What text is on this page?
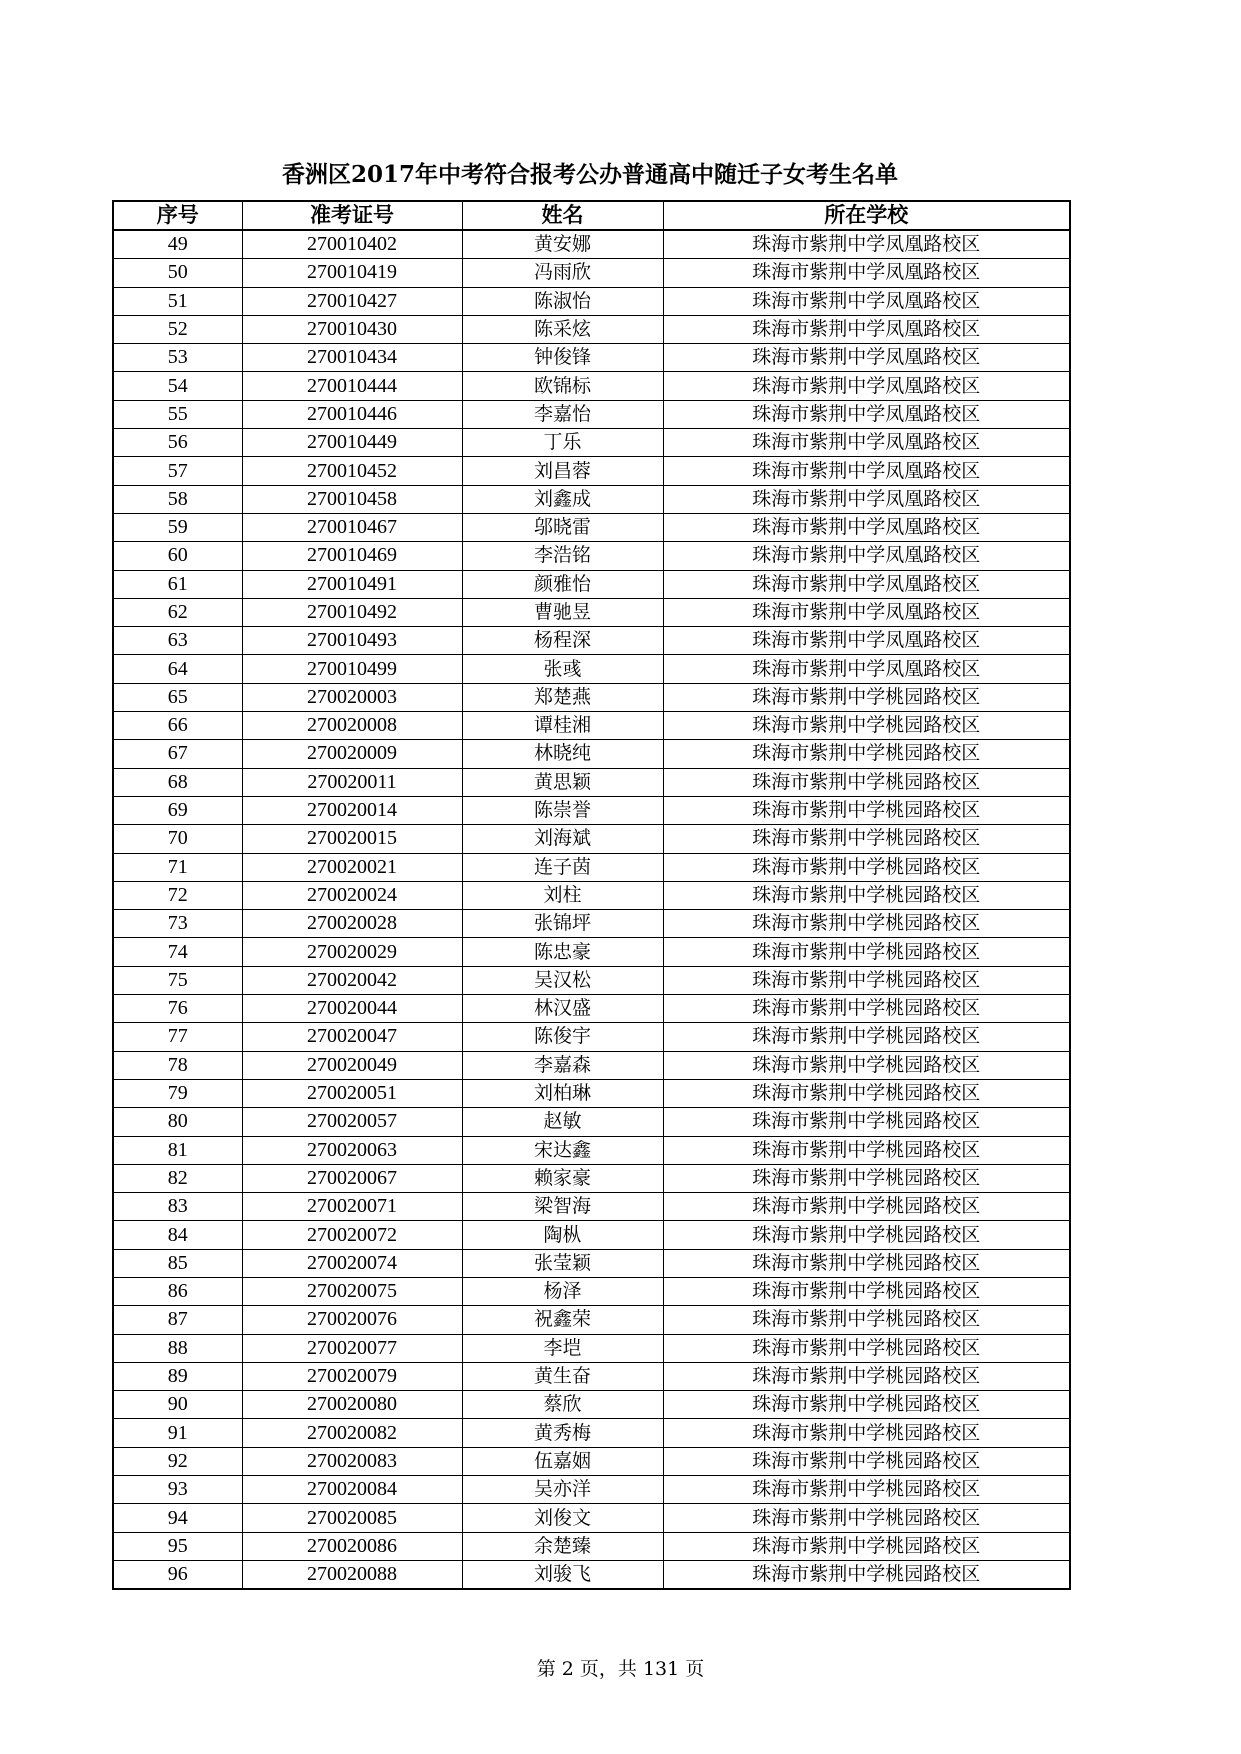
香洲区2017年中考符合报考公办普通高中随迁子女考生名单
序号	准考证号	姓名	所在学校
49	270010402	黄安娜	珠海市紫荆中学凤凰路校区
50	270010419	冯雨欣	珠海市紫荆中学凤凰路校区
51	270010427	陈淑怡	珠海市紫荆中学凤凰路校区
52	270010430	陈采炫	珠海市紫荆中学凤凰路校区
53	270010434	钟俊锋	珠海市紫荆中学凤凰路校区
54	270010444	欧锦标	珠海市紫荆中学凤凰路校区
55	270010446	李嘉怡	珠海市紫荆中学凤凰路校区
56	270010449	丁乐	珠海市紫荆中学凤凰路校区
57	270010452	刘昌蓉	珠海市紫荆中学凤凰路校区
58	270010458	刘鑫成	珠海市紫荆中学凤凰路校区
59	270010467	邬晓雷	珠海市紫荆中学凤凰路校区
60	270010469	李浩铭	珠海市紫荆中学凤凰路校区
61	270010491	颜雅怡	珠海市紫荆中学凤凰路校区
62	270010492	曹驰昱	珠海市紫荆中学凤凰路校区
63	270010493	杨程深	珠海市紫荆中学凤凰路校区
64	270010499	张彧	珠海市紫荆中学凤凰路校区
65	270020003	郑楚燕	珠海市紫荆中学桃园路校区
66	270020008	谭桂湘	珠海市紫荆中学桃园路校区
67	270020009	林晓纯	珠海市紫荆中学桃园路校区
68	270020011	黄思颖	珠海市紫荆中学桃园路校区
69	270020014	陈崇誉	珠海市紫荆中学桃园路校区
70	270020015	刘海斌	珠海市紫荆中学桃园路校区
71	270020021	连子茵	珠海市紫荆中学桃园路校区
72	270020024	刘柱	珠海市紫荆中学桃园路校区
73	270020028	张锦坪	珠海市紫荆中学桃园路校区
74	270020029	陈忠豪	珠海市紫荆中学桃园路校区
75	270020042	吴汉松	珠海市紫荆中学桃园路校区
76	270020044	林汉盛	珠海市紫荆中学桃园路校区
77	270020047	陈俊宇	珠海市紫荆中学桃园路校区
78	270020049	李嘉森	珠海市紫荆中学桃园路校区
79	270020051	刘柏琳	珠海市紫荆中学桃园路校区
80	270020057	赵敏	珠海市紫荆中学桃园路校区
81	270020063	宋达鑫	珠海市紫荆中学桃园路校区
82	270020067	赖家豪	珠海市紫荆中学桃园路校区
83	270020071	梁智海	珠海市紫荆中学桃园路校区
84	270020072	陶枞	珠海市紫荆中学桃园路校区
85	270020074	张莹颖	珠海市紫荆中学桃园路校区
86	270020075	杨泽	珠海市紫荆中学桃园路校区
87	270020076	祝鑫荣	珠海市紫荆中学桃园路校区
88	270020077	李垲	珠海市紫荆中学桃园路校区
89	270020079	黄生奋	珠海市紫荆中学桃园路校区
90	270020080	蔡欣	珠海市紫荆中学桃园路校区
91	270020082	黄秀梅	珠海市紫荆中学桃园路校区
92	270020083	伍嘉姻	珠海市紫荆中学桃园路校区
93	270020084	吴亦洋	珠海市紫荆中学桃园路校区
94	270020085	刘俊文	珠海市紫荆中学桃园路校区
95	270020086	余楚臻	珠海市紫荆中学桃园路校区
96	270020088	刘骏飞	珠海市紫荆中学桃园路校区
第 2 页，共 131 页
